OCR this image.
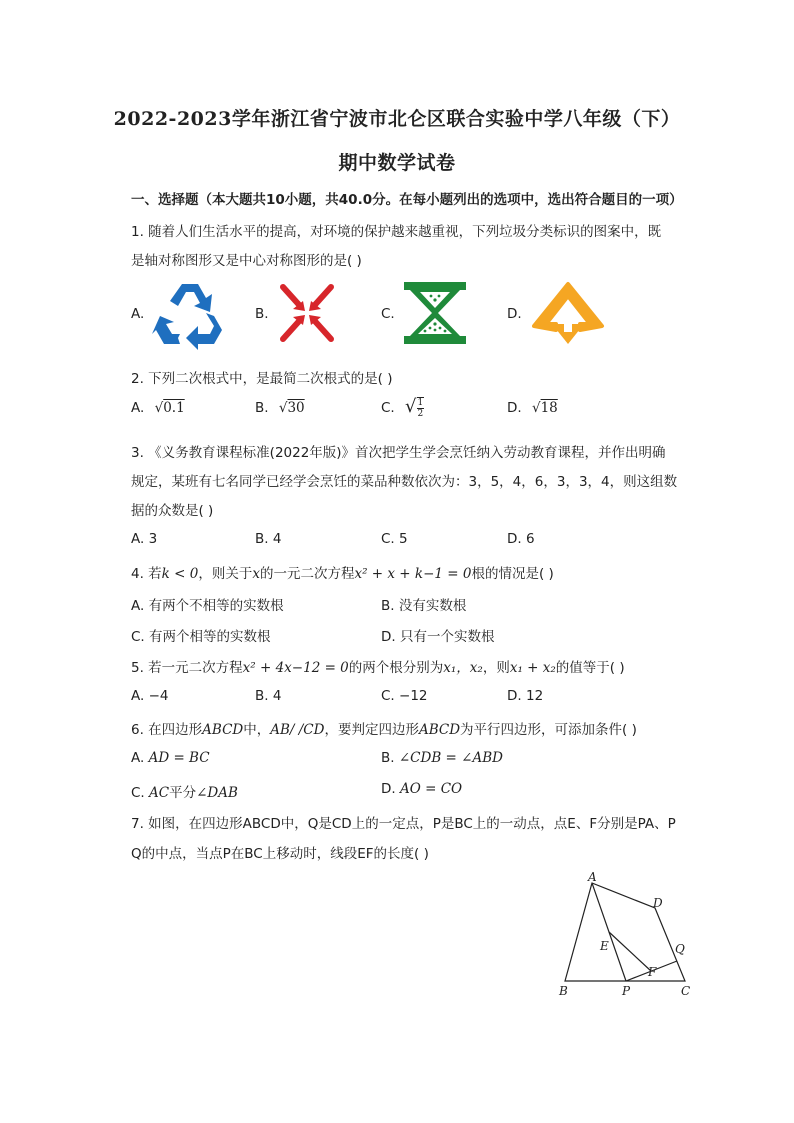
2022-2023学年浙江省宁波市北仑区联合实验中学八年级（下）
期中数学试卷
一、选择题（本大题共10小题，共40.0分。在每小题列出的选项中，选出符合题目的一项）
1. 随着人们生活水平的提高，对环境的保护越来越重视，下列垃圾分类标识的图案中，既
是轴对称图形又是中心对称图形的是( )
A.	B.	C.	D.
2. 下列二次根式中，是最简二次根式的是( )
A. √0.1	B. √30	C. √ $\frac{1}{2}$	D. √18
3. 《义务教育课程标准(2022年版)》首次把学生学会烹饪纳入劳动教育课程，并作出明确
规定，某班有七名同学已经学会烹饪的菜品种数依次为：3，5，4，6，3，3，4，则这组数
据的众数是( )
A. 3	B. 4	C. 5	D. 6
4. 若k < 0，则关于x的一元二次方程x² + x + k−1 = 0根的情况是( )
A. 有两个不相等的实数根	B. 没有实数根
C. 有两个相等的实数根	D. 只有一个实数根
5. 若一元二次方程x² + 4x−12 = 0的两个根分别为x₁，x₂，则x₁ + x₂的值等于( )
A. −4	B. 4	C. −12	D. 12
6. 在四边形ABCD中，AB/ /CD，要判定四边形ABCD为平行四边形，可添加条件( )
A. AD = BC	B. ∠CDB = ∠ABD
C. AC平分∠DAB	D. AO = CO
7. 如图，在四边形ABCD中，Q是CD上的一定点，P是BC上的一动点，点E、F分别是PA、P
Q的中点，当点P在BC上移动时，线段EF的长度( )
A
B	C
D
E
F
P
Q
